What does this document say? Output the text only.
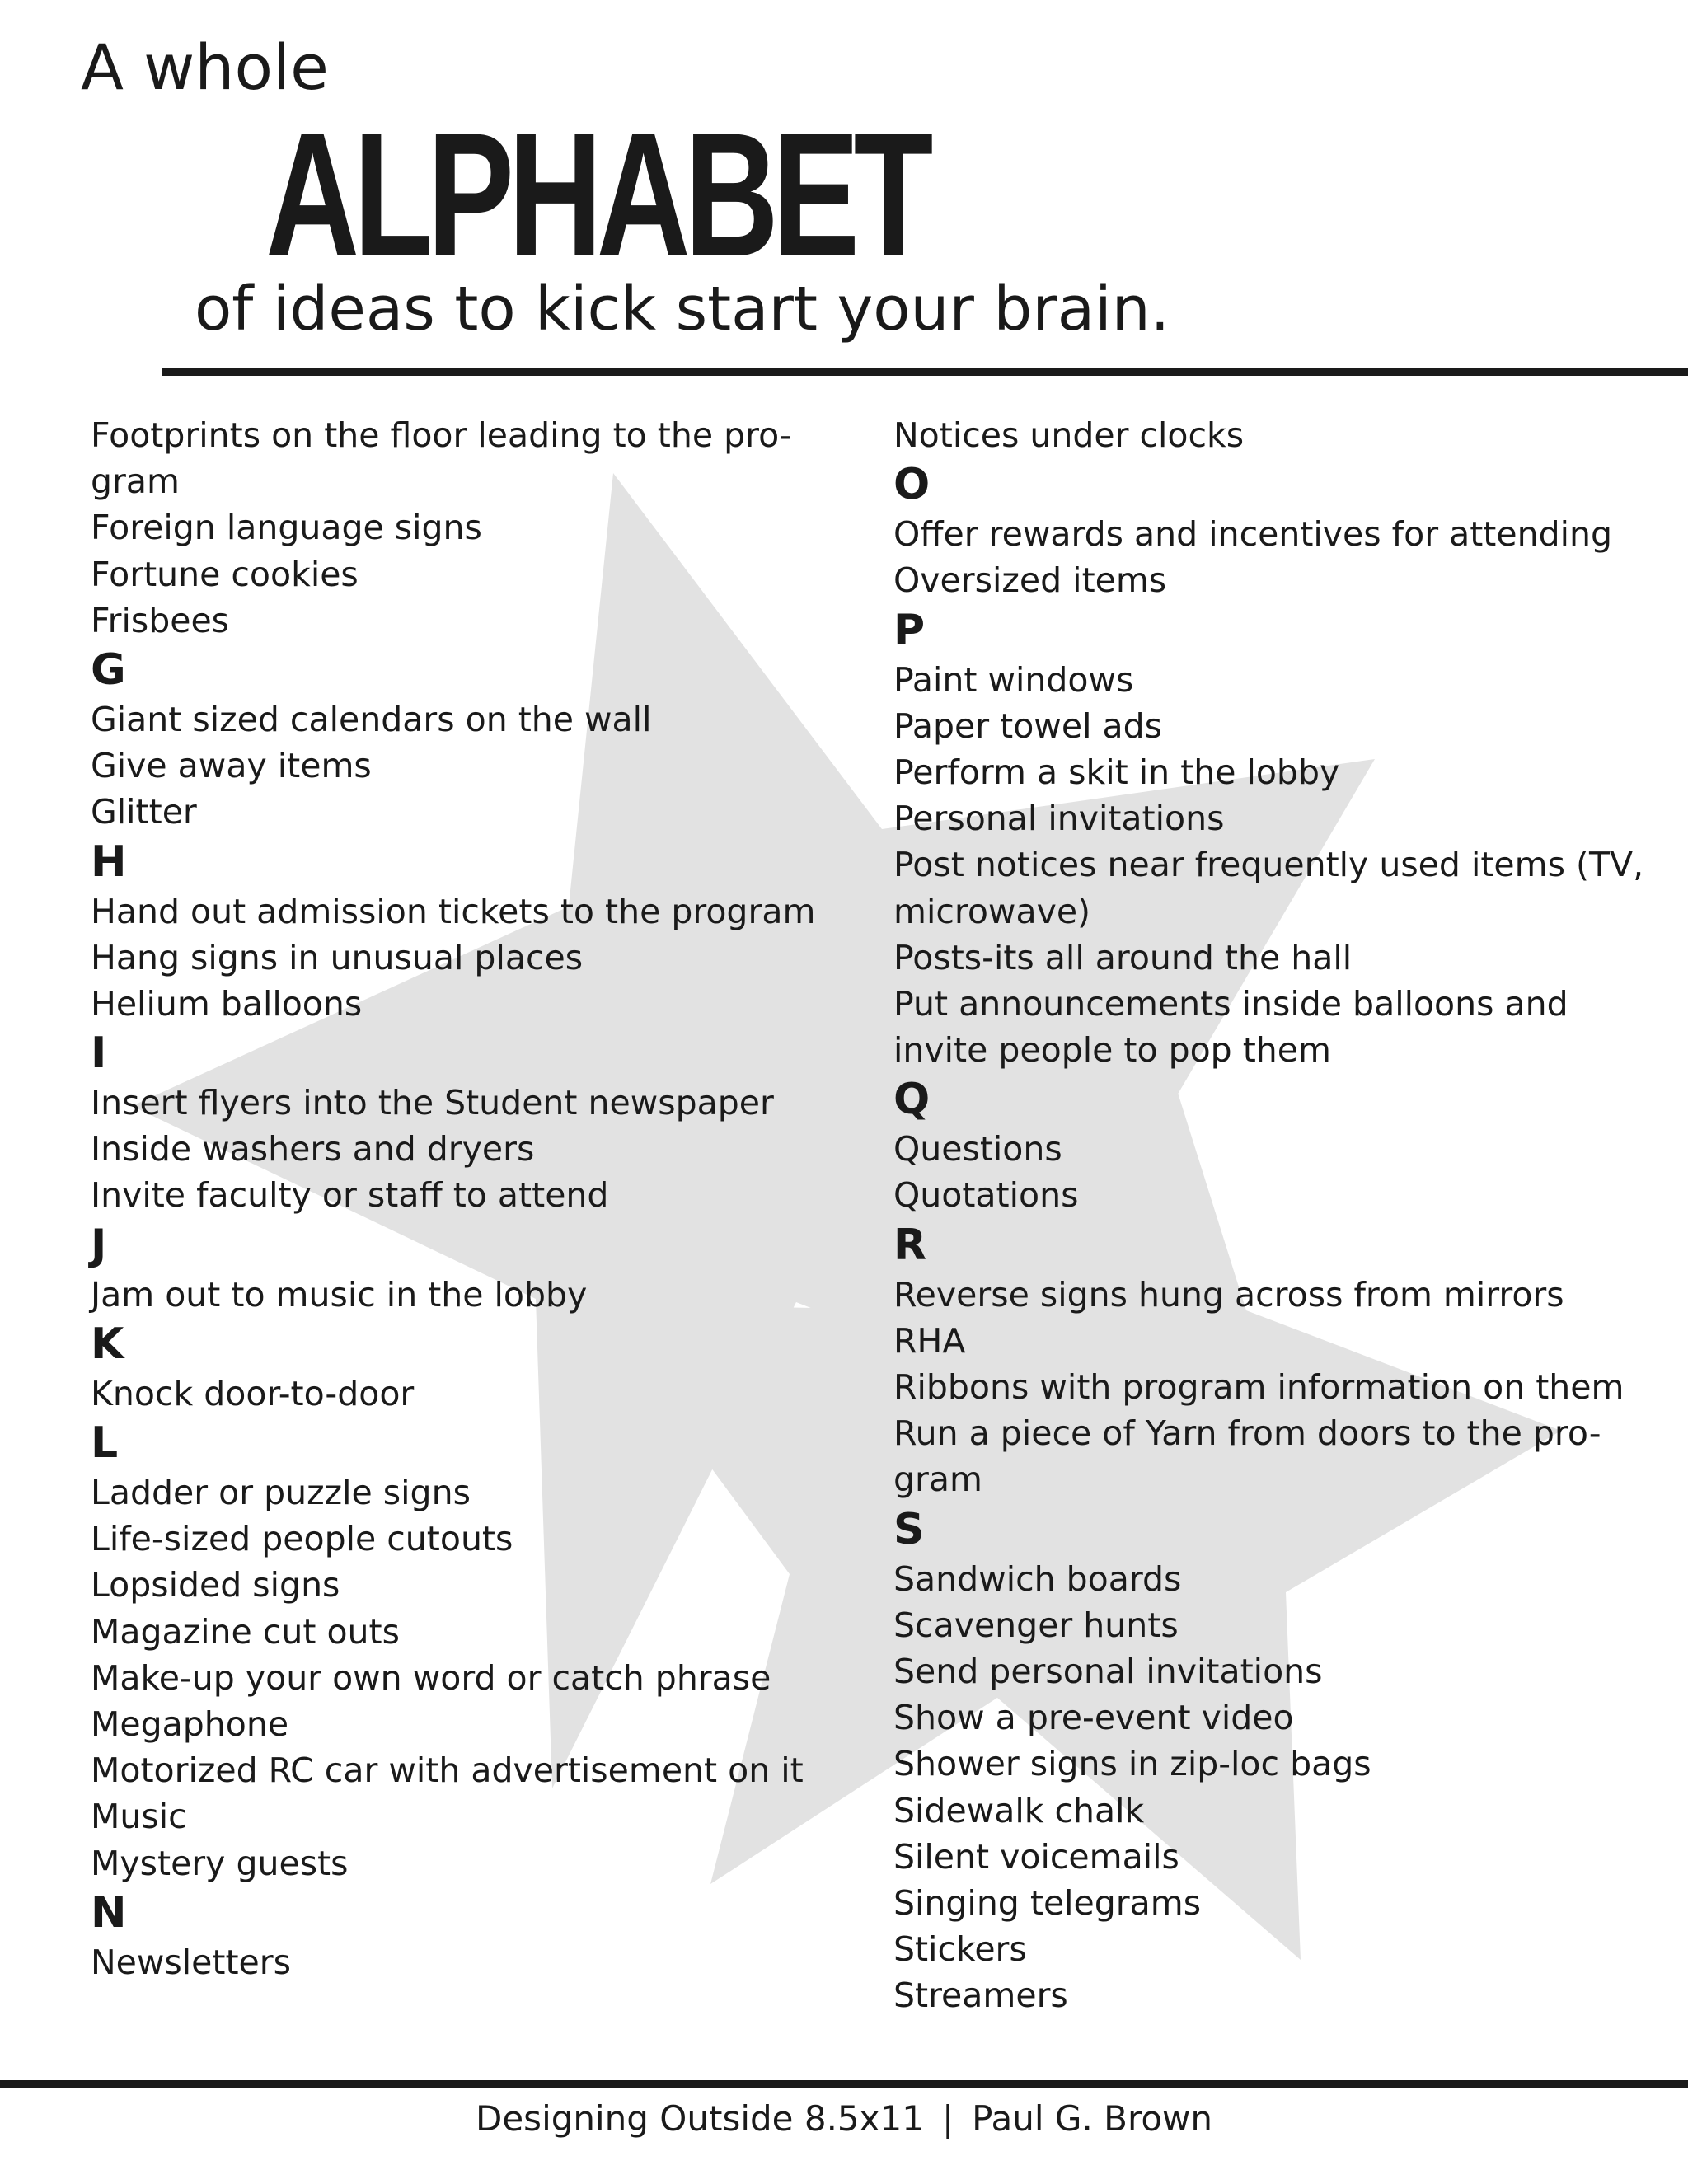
A whole
ALPHABET
of ideas to kick start your brain.
Footprints on the floor leading to the pro-
gram
Foreign language signs
Fortune cookies
Frisbees
G
Giant sized calendars on the wall
Give away items
Glitter
H
Hand out admission tickets to the program
Hang signs in unusual places
Helium balloons
I
Insert flyers into the Student newspaper
Inside washers and dryers
Invite faculty or staff to attend
J
Jam out to music in the lobby
K
Knock door-to-door
L
Ladder or puzzle signs
Life-sized people cutouts
Lopsided signs
Magazine cut outs
Make-up your own word or catch phrase
Megaphone
Motorized RC car with advertisement on it
Music
Mystery guests
N
Newsletters
Notices under clocks
O
Offer rewards and incentives for attending
Oversized items
P
Paint windows
Paper towel ads
Perform a skit in the lobby
Personal invitations
Post notices near frequently used items (TV,
microwave)
Posts-its all around the hall
Put announcements inside balloons and
invite people to pop them
Q
Questions
Quotations
R
Reverse signs hung across from mirrors
RHA
Ribbons with program information on them
Run a piece of Yarn from doors to the pro-
gram
S
Sandwich boards
Scavenger hunts
Send personal invitations
Show a pre-event video
Shower signs in zip-loc bags
Sidewalk chalk
Silent voicemails
Singing telegrams
Stickers
Streamers
Designing Outside 8.5x11 | Paul G. Brown
